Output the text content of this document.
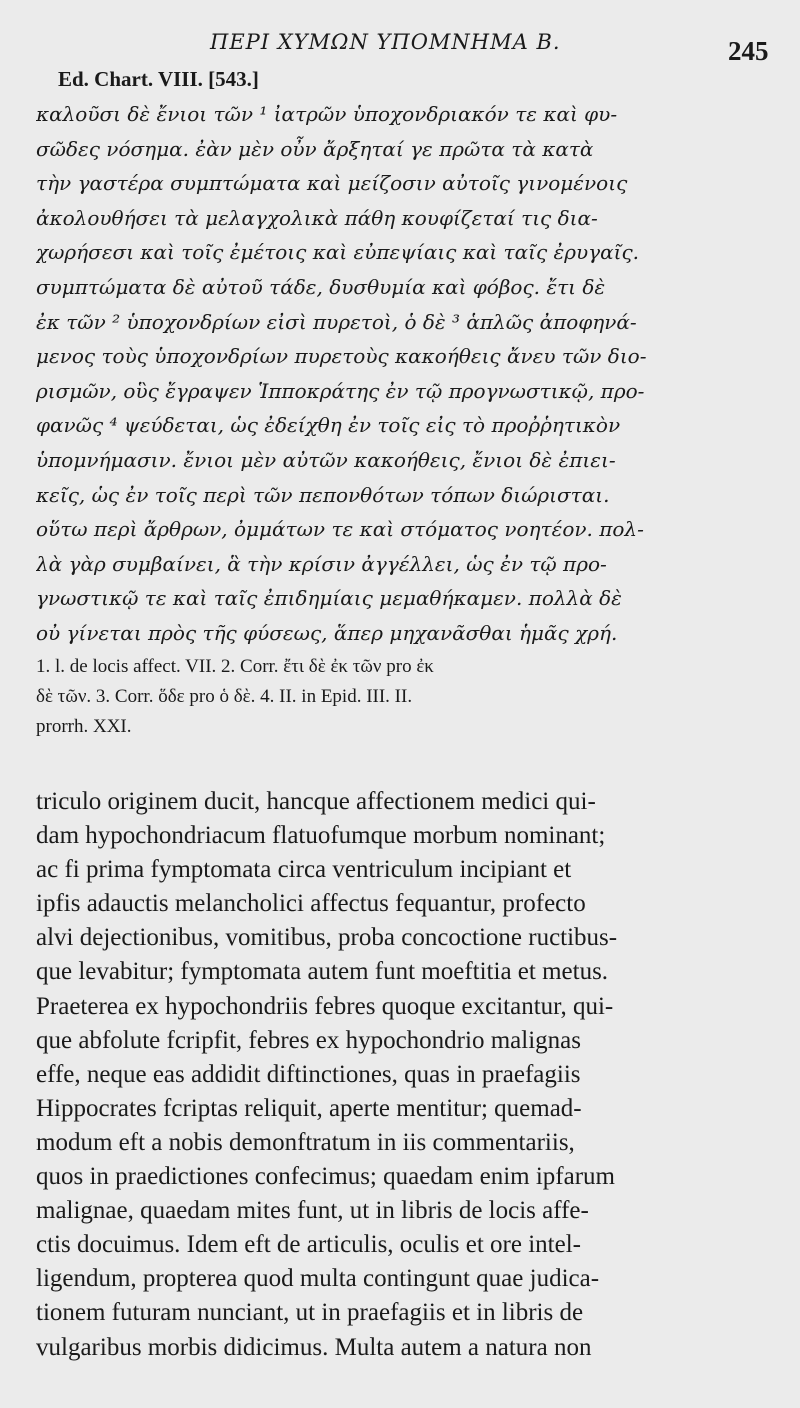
ΠΕΡΙ ΧΥΜΩΝ ΥΠΟΜΝΗΜΑ Β.	245
Ed. Chart. VIII. [543.]
καλοῦσι δὲ ἔνιοι τῶν ¹ ἰατρῶν ὑποχονδριακόν τε καὶ φυ-
σῶδες νόσημα. ἐὰν μὲν οὖν ἄρξηταί γε πρῶτα τὰ κατὰ
τὴν γαστέρα συμπτώματα καὶ μείζοσιν αὐτοῖς γινομένοις
ἀκολουθήσει τὰ μελαγχολικὰ πάθη κουφίζεταί τις δια-
χωρήσεσι καὶ τοῖς ἐμέτοις καὶ εὐπεψίαις καὶ ταῖς ἐρυγαῖς.
συμπτώματα δὲ αὐτοῦ τάδε, δυσθυμία καὶ φόβος. ἔτι δὲ
ἐκ τῶν ² ὑποχονδρίων εἰσὶ πυρετοὶ, ὁ δὲ ³ ἁπλῶς ἀποφηνά-
μενος τοὺς ὑποχονδρίων πυρετοὺς κακοήθεις ἄνευ τῶν διο-
ρισμῶν, οὓς ἔγραψεν Ἱπποκράτης ἐν τῷ προγνωστικῷ, προ-
φανῶς ⁴ ψεύδεται, ὡς ἐδείχθη ἐν τοῖς εἰς τὸ προῤῥητικὸν
ὑπομνήμασιν. ἔνιοι μὲν αὐτῶν κακοήθεις, ἔνιοι δὲ ἐπιει-
κεῖς, ὡς ἐν τοῖς περὶ τῶν πεπονθότων τόπων διώρισται.
οὕτω περὶ ἄρθρων, ὀμμάτων τε καὶ στόματος νοητέον. πολ-
λὰ γὰρ συμβαίνει, ἃ τὴν κρίσιν ἀγγέλλει, ὡς ἐν τῷ προ-
γνωστικῷ τε καὶ ταῖς ἐπιδημίαις μεμαθήκαμεν. πολλὰ δὲ
οὐ γίνεται πρὸς τῆς φύσεως, ἅπερ μηχανᾶσθαι ἡμᾶς χρή.
1. l. de locis affect. VII. 2. Corr. ἔτι δὲ ἐκ τῶν pro ἐκ
δὲ τῶν. 3. Corr. ὅδε pro ὁ δὲ. 4. II. in Epid. III. II.
prorrh. XXI.
triculo originem ducit, hancque affectionem medici qui-
dam hypochondriacum flatuofumque morbum nominant;
ac fi prima fymptomata circa ventriculum incipiant et
ipfis adauctis melancholici affectus fequantur, profecto
alvi dejectionibus, vomitibus, proba concoctione ructibus-
que levabitur; fymptomata autem funt moeftitia et metus.
Praeterea ex hypochondriis febres quoque excitantur, qui-
que abfolute fcripfit, febres ex hypochondrio malignas
effe, neque eas addidit diftinctiones, quas in praefagiis
Hippocrates fcriptas reliquit, aperte mentitur; quemad-
modum eft a nobis demonftratum in iis commentariis,
quos in praedictiones confecimus; quaedam enim ipfarum
malignae, quaedam mites funt, ut in libris de locis affe-
ctis docuimus. Idem eft de articulis, oculis et ore intel-
ligendum, propterea quod multa contingunt quae judica-
tionem futuram nunciant, ut in praefagiis et in libris de
vulgaribus morbis didicimus. Multa autem a natura non
